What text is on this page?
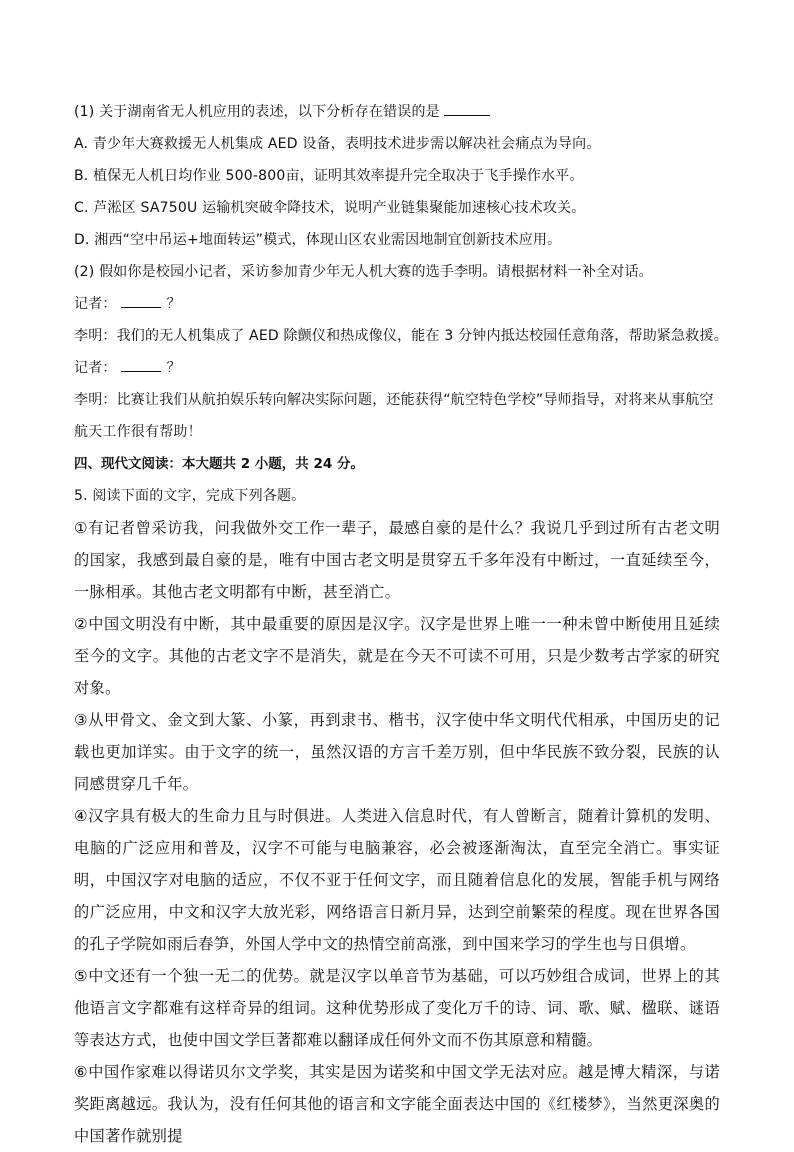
(1) 关于湖南省无人机应用的表述，以下分析存在错误的是
A. 青少年大赛救援无人机集成 AED 设备，表明技术进步需以解决社会痛点为导向。
B. 植保无人机日均作业 500-800亩，证明其效率提升完全取决于飞手操作水平。
C. 芦淞区 SA750U 运输机突破伞降技术，说明产业链集聚能加速核心技术攻关。
D. 湘西“空中吊运+地面转运”模式，体现山区农业需因地制宜创新技术应用。
(2) 假如你是校园小记者，采访参加青少年无人机大赛的选手李明。请根据材料一补全对话。
记者：	？
李明：我们的无人机集成了 AED 除颤仪和热成像仪，能在 3 分钟内抵达校园任意角落，帮助紧急救援。
记者：	？
李明：比赛让我们从航拍娱乐转向解决实际问题，还能获得“航空特色学校”导师指导，对将来从事航空
航天工作很有帮助！
四、现代文阅读：本大题共 2 小题，共 24 分。
5. 阅读下面的文字，完成下列各题。

①有记者曾采访我，问我做外交工作一辈子，最感自豪的是什么？我说几乎到过所有古老文明的国家，我感到最自豪的是，唯有中国古老文明是贯穿五千多年没有中断过，一直延续至今，一脉相承。其他古老文明都有中断，甚至消亡。

②中国文明没有中断，其中最重要的原因是汉字。汉字是世界上唯一一种未曾中断使用且延续至今的文字。其他的古老文字不是消失，就是在今天不可读不可用，只是少数考古学家的研究对象。

③从甲骨文、金文到大篆、小篆，再到隶书、楷书，汉字使中华文明代代相承，中国历史的记载也更加详实。由于文字的统一，虽然汉语的方言千差万别，但中华民族不致分裂，民族的认同感贯穿几千年。

④汉字具有极大的生命力且与时俱进。人类进入信息时代，有人曾断言，随着计算机的发明、电脑的广泛应用和普及，汉字不可能与电脑兼容，必会被逐渐淘汰，直至完全消亡。事实证明，中国汉字对电脑的适应，不仅不亚于任何文字，而且随着信息化的发展，智能手机与网络的广泛应用，中文和汉字大放光彩，网络语言日新月异，达到空前繁荣的程度。现在世界各国的孔子学院如雨后春笋，外国人学中文的热情空前高涨，到中国来学习的学生也与日俱增。

⑤中文还有一个独一无二的优势。就是汉字以单音节为基础，可以巧妙组合成词，世界上的其他语言文字都难有这样奇异的组词。这种优势形成了变化万千的诗、词、歌、赋、楹联、谜语等表达方式，也使中国文学巨著都难以翻译成任何外文而不伤其原意和精髓。

⑥中国作家难以得诺贝尔文学奖，其实是因为诺奖和中国文学无法对应。越是博大精深，与诺奖距离越远。我认为，没有任何其他的语言和文字能全面表达中国的《红楼梦》，当然更深奥的中国著作就别提
